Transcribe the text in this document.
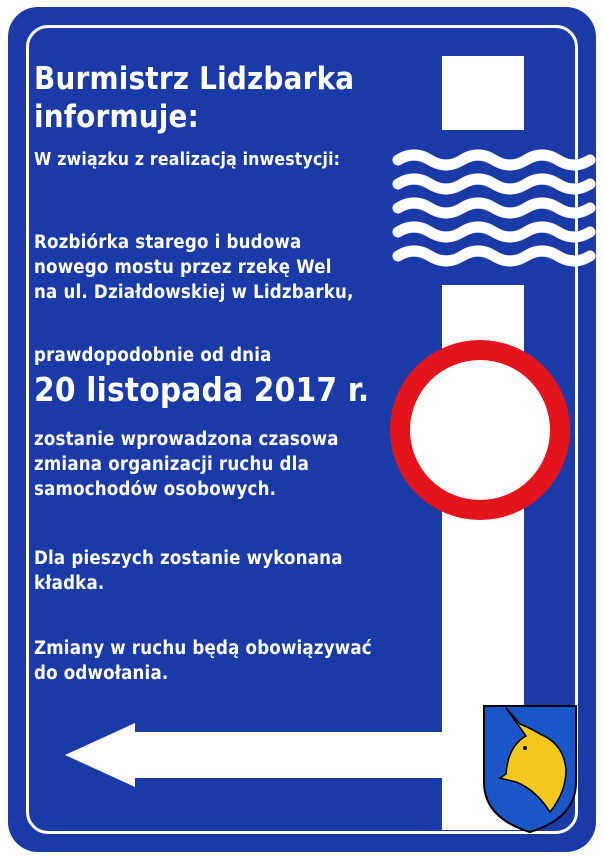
Burmistrz Lidzbarka
informuje:
W związku z realizacją inwestycji:
Rozbiórka starego i budowa
nowego mostu przez rzekę Wel
na ul. Działdowskiej w Lidzbarku,
prawdopodobnie od dnia
20 listopada 2017 r.
zostanie wprowadzona czasowa
zmiana organizacji ruchu dla
samochodów osobowych.
Dla pieszych zostanie wykonana
kładka.
Zmiany w ruchu będą obowiązywać
do odwołania.
